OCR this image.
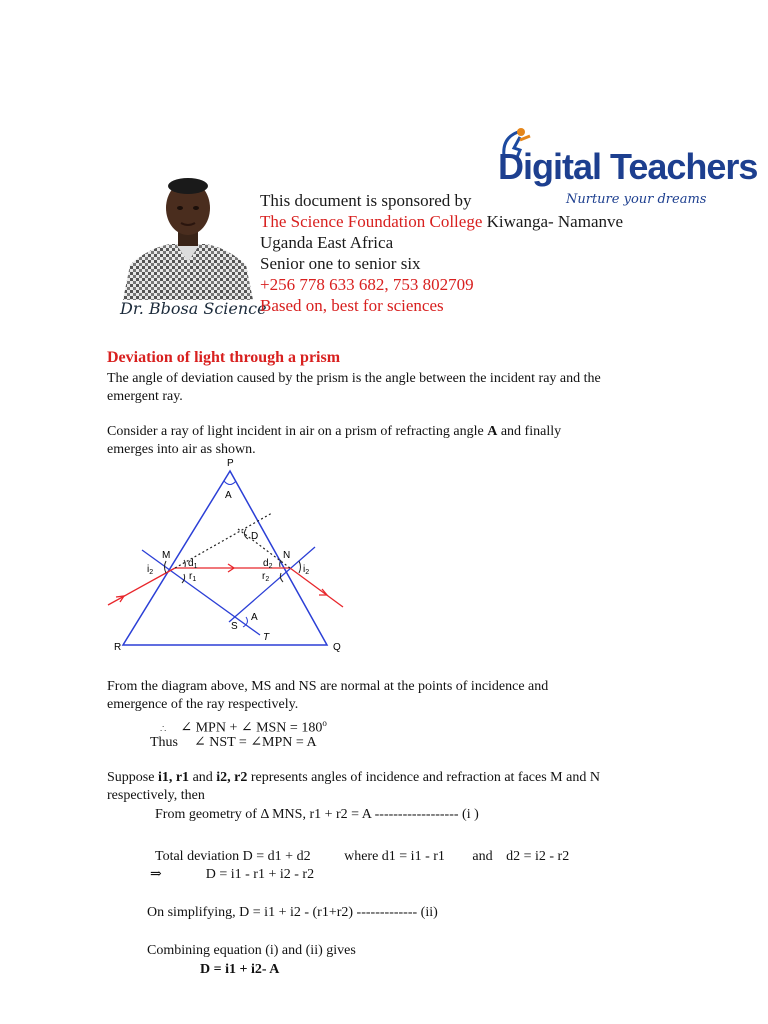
Dr. Bbosa Science
Digital Teachers
Nurture your dreams
This document is sponsored by
The Science Foundation College Kiwanga- Namanve
Uganda East Africa
Senior one to senior six
+256 778 633 682, 753 802709
Based on, best for sciences
Deviation of light through a prism
The angle of deviation caused by the prism is the angle between the incident ray and the emergent ray.
Consider a ray of light incident in air on a prism of refracting angle A and finally emerges into air as shown.
P
A
D
M	N
$d_1$	$d_2$
$i_2$	$i_2$
$r_1$	$r_2$
A
S
T
R	Q
From the diagram above, MS and NS are normal at the points of incidence and emergence of the ray respectively.
∴ ∠ MPN + ∠ MSN = $180^o$
Thus ∠ NST = ∠MPN = A
Suppose i1, r1 and i2, r2 represents angles of incidence and refraction at faces M and N
respectively, then
From geometry of Δ MNS, r1 + r2 = A ------------------ (i )
Total deviation D = d1 + d2 where d1 = i1 - r1 and d2 = i2 - r2
⇒	D = i1 - r1 + i2 - r2
On simplifying, D = i1 + i2 - (r1+r2) ------------- (ii)
Combining equation (i) and (ii) gives
D = i1 + i2- A
